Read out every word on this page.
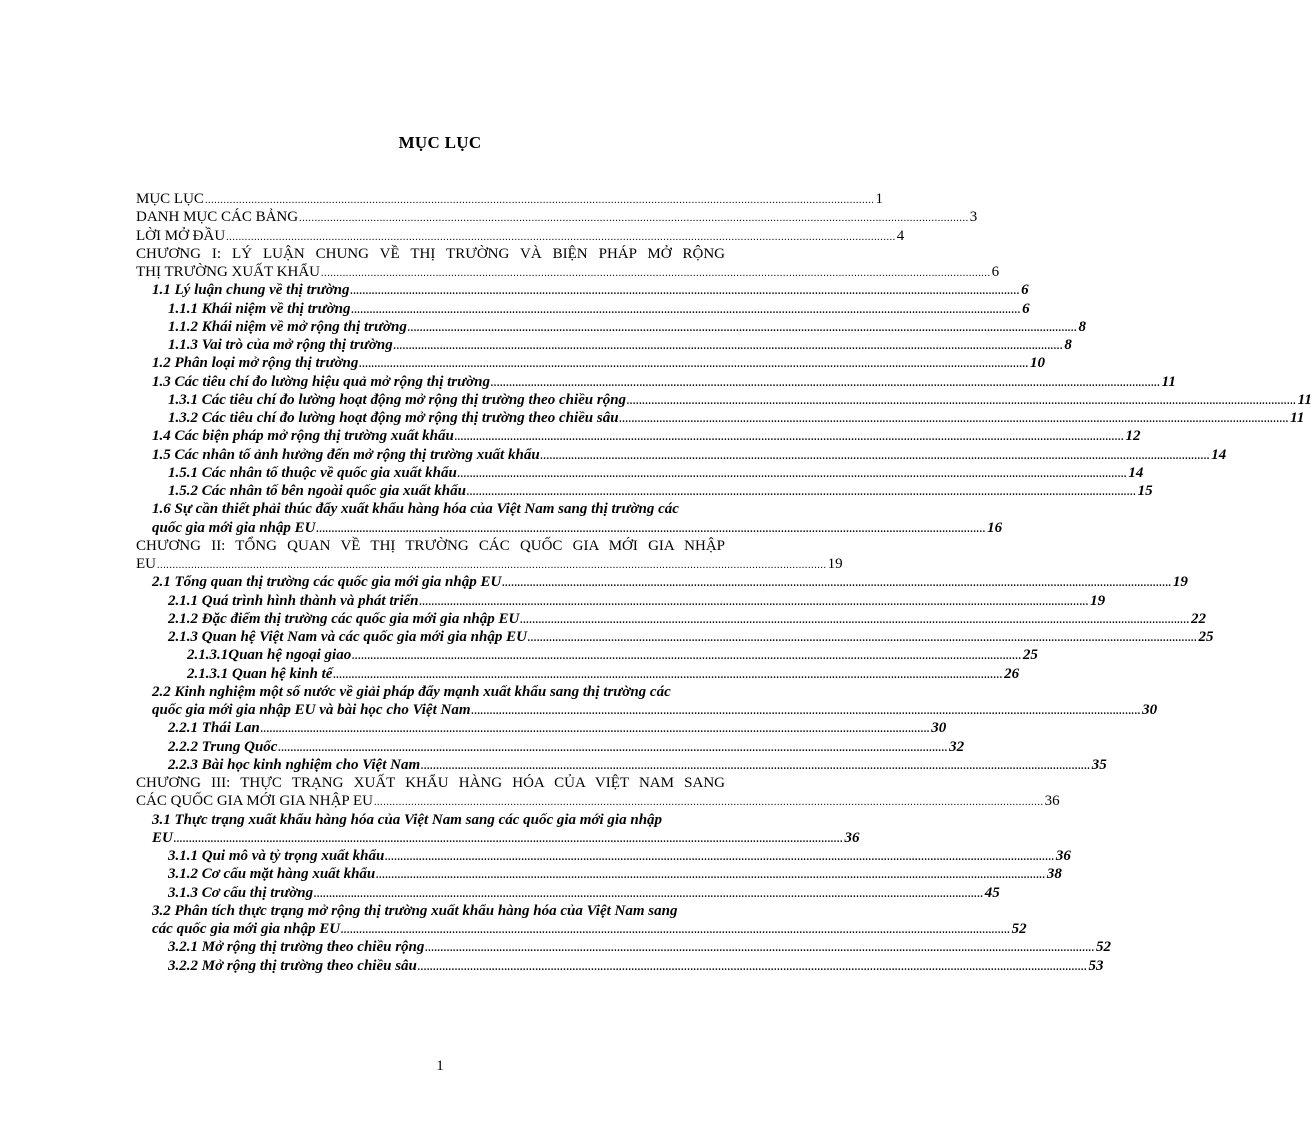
MỤC LỤC
MỤC LỤC .....	1
DANH MỤC CÁC BẢNG .....	3
LỜI MỞ ĐẦU .....	4
CHƯƠNG I: LÝ LUẬN CHUNG VỀ THỊ TRƯỜNG VÀ BIỆN PHÁP MỞ RỘNG
THỊ TRƯỜNG XUẤT KHẨU .....	6
1.1 Lý luận chung về thị trường .....	6
1.1.1 Khái niệm về thị trường .....	6
1.1.2 Khái niệm về mở rộng thị trường .....	8
1.1.3 Vai trò của mở rộng thị trường .....	8
1.2 Phân loại mở rộng thị trường .....	10
1.3 Các tiêu chí đo lường hiệu quả mở rộng thị trường .....	11
1.3.1 Các tiêu chí đo lường hoạt động mở rộng thị trường theo chiều rộng .....	11
1.3.2 Các tiêu chí đo lường hoạt động mở rộng thị trường theo chiều sâu .....	11
1.4 Các biện pháp mở rộng thị trường xuất khẩu .....	12
1.5 Các nhân tố ảnh hưởng đến mở rộng thị trường xuất khẩu .....	14
1.5.1 Các nhân tố thuộc về quốc gia xuất khẩu .....	14
1.5.2 Các nhân tố bên ngoài quốc gia xuất khẩu .....	15
1.6 Sự cần thiết phải thúc đẩy xuất khẩu hàng hóa của Việt Nam sang thị trường các
quốc gia mới gia nhập EU .....	16
CHƯƠNG II: TỔNG QUAN VỀ THỊ TRƯỜNG CÁC QUỐC GIA MỚI GIA NHẬP
EU .....	19
2.1 Tổng quan thị trường các quốc gia mới gia nhập EU .....	19
2.1.1 Quá trình hình thành và phát triển .....	19
2.1.2 Đặc điểm thị trường các quốc gia mới gia nhập EU .....	22
2.1.3 Quan hệ Việt Nam và các quốc gia mới gia nhập EU .....	25
2.1.3.1Quan hệ ngoại giao .....	25
2.1.3.1 Quan hệ kinh tế .....	26
2.2 Kinh nghiệm một số nước về giải pháp đẩy mạnh xuất khẩu sang thị trường các
quốc gia mới gia nhập EU và bài học cho Việt Nam .....	30
2.2.1 Thái Lan .....	30
2.2.2 Trung Quốc .....	32
2.2.3 Bài học kinh nghiệm cho Việt Nam .....	35
CHƯƠNG III: THỰC TRẠNG XUẤT KHẨU HÀNG HÓA CỦA VIỆT NAM SANG
CÁC QUỐC GIA MỚI GIA NHẬP EU .....	36
3.1 Thực trạng xuất khẩu hàng hóa của Việt Nam sang các quốc gia mới gia nhập
EU .....	36
3.1.1 Qui mô và tỷ trọng xuất khẩu .....	36
3.1.2 Cơ cấu mặt hàng xuất khẩu .....	38
3.1.3 Cơ cấu thị trường .....	45
3.2 Phân tích thực trạng mở rộng thị trường xuất khẩu hàng hóa của Việt Nam sang
các quốc gia mới gia nhập EU .....	52
3.2.1 Mở rộng thị trường theo chiều rộng .....	52
3.2.2 Mở rộng thị trường theo chiều sâu .....	53
1
